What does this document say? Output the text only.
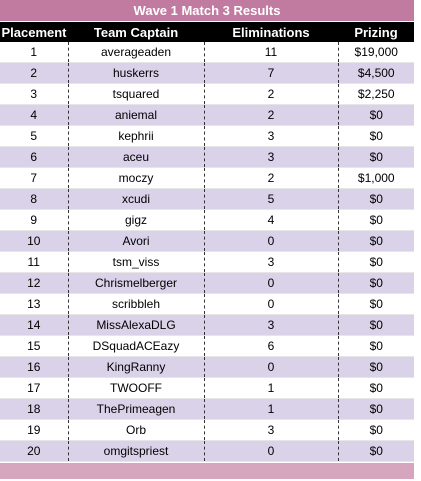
Wave 1 Match 3 Results
Placement	Team Captain	Eliminations	Prizing
1	averageaden	11	$19,000
2	huskerrs	7	$4,500
3	tsquared	2	$2,250
4	aniemal	2	$0
5	kephrii	3	$0
6	aceu	3	$0
7	moczy	2	$1,000
8	xcudi	5	$0
9	gigz	4	$0
10	Avori	0	$0
11	tsm_viss	3	$0
12	Chrismelberger	0	$0
13	scribbleh	0	$0
14	MissAlexaDLG	3	$0
15	DSquadACEazy	6	$0
16	KingRanny	0	$0
17	TWOOFF	1	$0
18	ThePrimeagen	1	$0
19	Orb	3	$0
20	omgitspriest	0	$0
